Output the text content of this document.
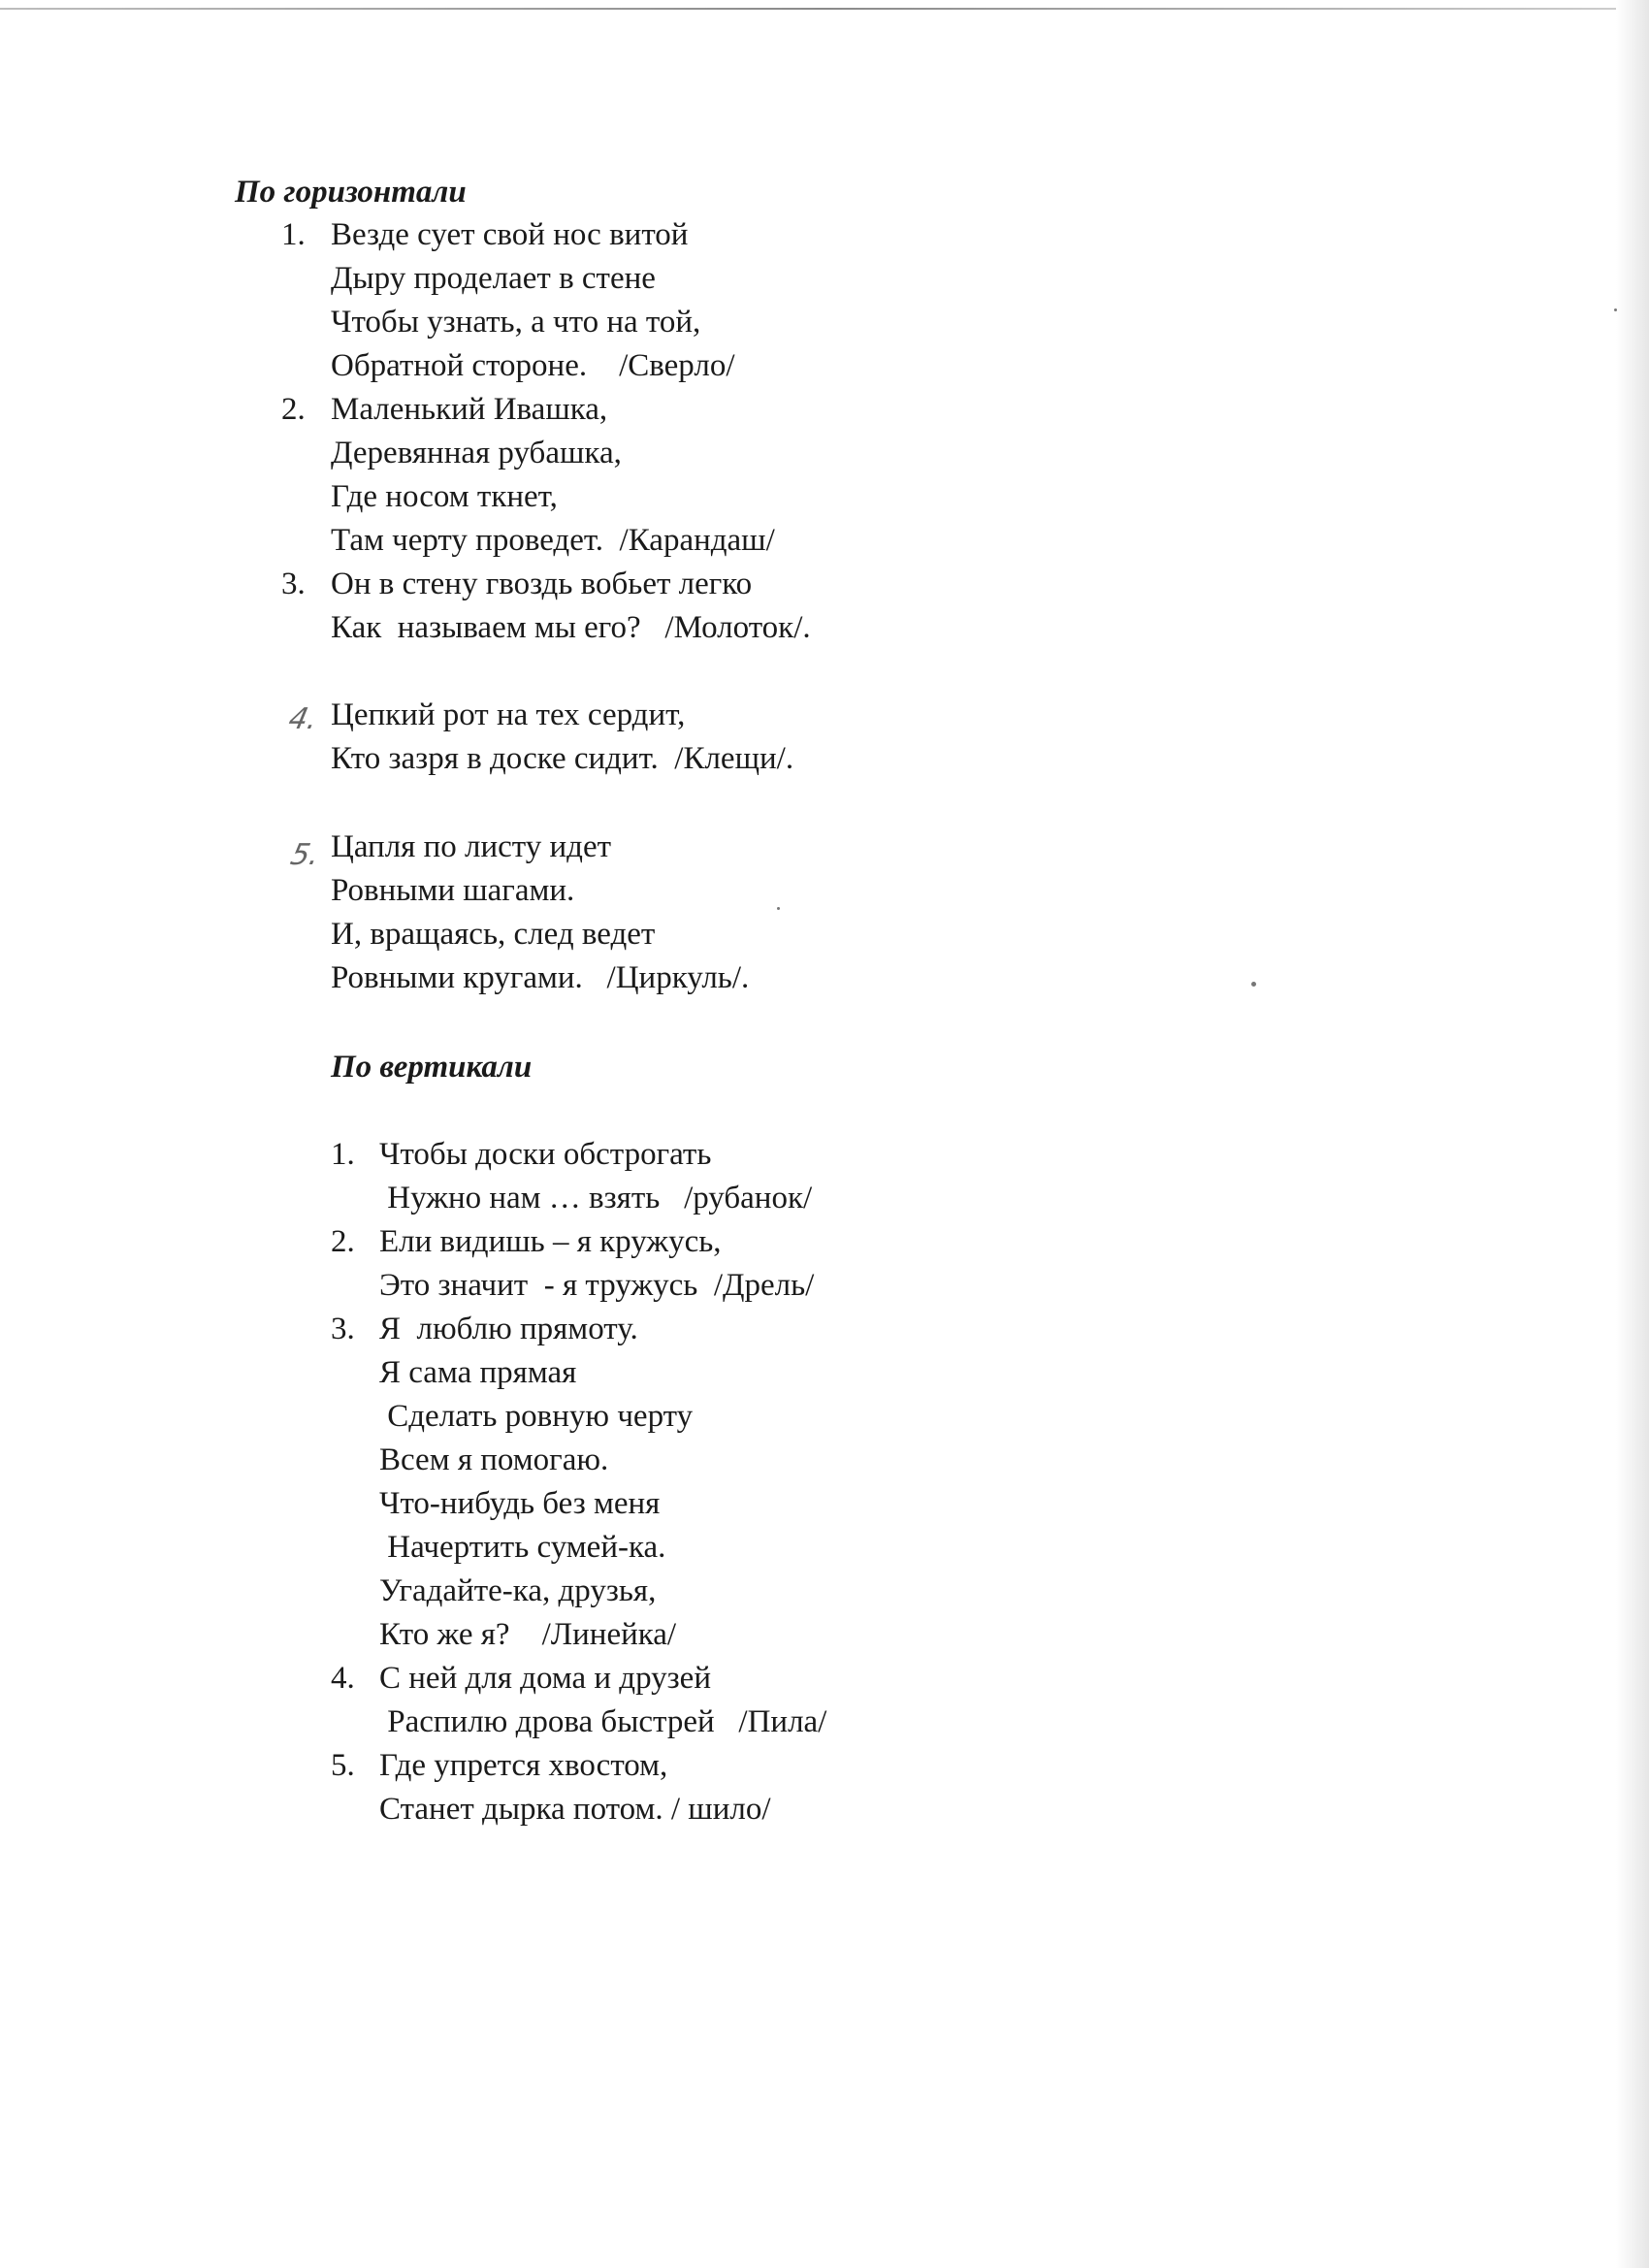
По горизонтали
1. Везде сует свой нос витой
Дыру проделает в стене
Чтобы узнать, а что на той,
Обратной стороне.    /Сверло/
2. Маленький Ивашка,
Деревянная рубашка,
Где носом ткнет,
Там черту проведет.  /Карандаш/
3. Он в стену гвоздь вобьет легко
Как  называем мы его?   /Молоток/.
4. Цепкий рот на тех сердит,
Кто зазря в доске сидит.  /Клещи/.
5. Цапля по листу идет
Ровными шагами.
И, вращаясь, след ведет
Ровными кругами.   /Циркуль/.
По вертикали
1. Чтобы доски обстрогать
Нужно нам … взять   /рубанок/
2. Ели видишь – я кружусь,
Это значит  - я тружусь  /Дрель/
3. Я  люблю прямоту.
Я сама прямая
Сделать ровную черту
Всем я помогаю.
Что-нибудь без меня
Начертить сумей-ка.
Угадайте-ка, друзья,
Кто же я?    /Линейка/
4. С ней для дома и друзей
Распилю дрова быстрей   /Пила/
5. Где упрется хвостом,
Станет дырка потом. / шило/
